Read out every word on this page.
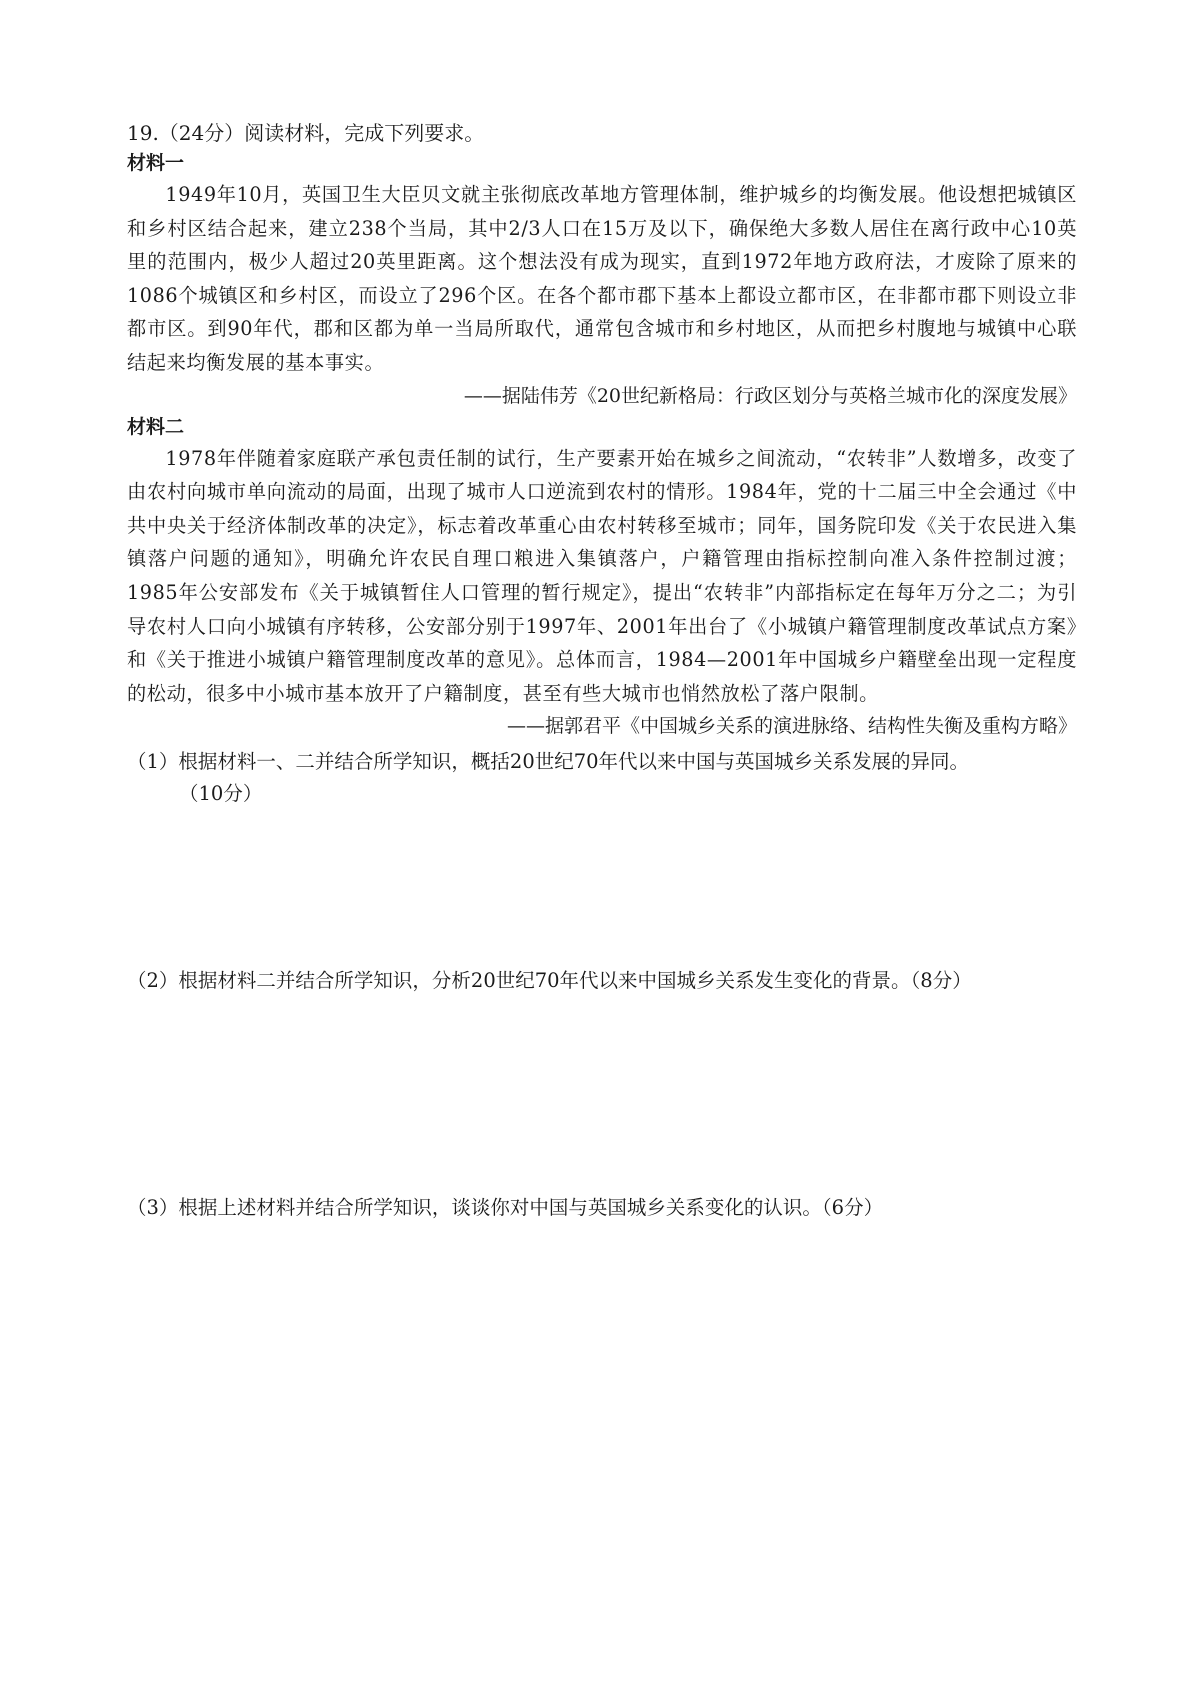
19.（24分）阅读材料，完成下列要求。
材料一

1949年10月，英国卫生大臣贝文就主张彻底改革地方管理体制，维护城乡的均衡发展。他设想把城镇区和乡村区结合起来，建立238个当局，其中2/3人口在15万及以下，确保绝大多数人居住在离行政中心10英里的范围内，极少人超过20英里距离。这个想法没有成为现实，直到1972年地方政府法，才废除了原来的1086个城镇区和乡村区，而设立了296个区。在各个都市郡下基本上都设立都市区，在非都市郡下则设立非都市区。到90年代，郡和区都为单一当局所取代，通常包含城市和乡村地区，从而把乡村腹地与城镇中心联结起来均衡发展的基本事实。

——据陆伟芳《20世纪新格局：行政区划分与英格兰城市化的深度发展》
材料二

1978年伴随着家庭联产承包责任制的试行，生产要素开始在城乡之间流动，“农转非”人数增多，改变了由农村向城市单向流动的局面，出现了城市人口逆流到农村的情形。1984年，党的十二届三中全会通过《中共中央关于经济体制改革的决定》，标志着改革重心由农村转移至城市；同年，国务院印发《关于农民进入集镇落户问题的通知》，明确允许农民自理口粮进入集镇落户，户籍管理由指标控制向准入条件控制过渡；1985年公安部发布《关于城镇暂住人口管理的暂行规定》，提出“农转非”内部指标定在每年万分之二；为引导农村人口向小城镇有序转移，公安部分别于1997年、2001年出台了《小城镇户籍管理制度改革试点方案》和《关于推进小城镇户籍管理制度改革的意见》。总体而言，1984—2001年中国城乡户籍壁垒出现一定程度的松动，很多中小城市基本放开了户籍制度，甚至有些大城市也悄然放松了落户限制。

——据郭君平《中国城乡关系的演进脉络、结构性失衡及重构方略》
（1）根据材料一、二并结合所学知识，概括20世纪70年代以来中国与英国城乡关系发展的异同。
（10分）
（2）根据材料二并结合所学知识，分析20世纪70年代以来中国城乡关系发生变化的背景。（8分）
（3）根据上述材料并结合所学知识，谈谈你对中国与英国城乡关系变化的认识。（6分）
